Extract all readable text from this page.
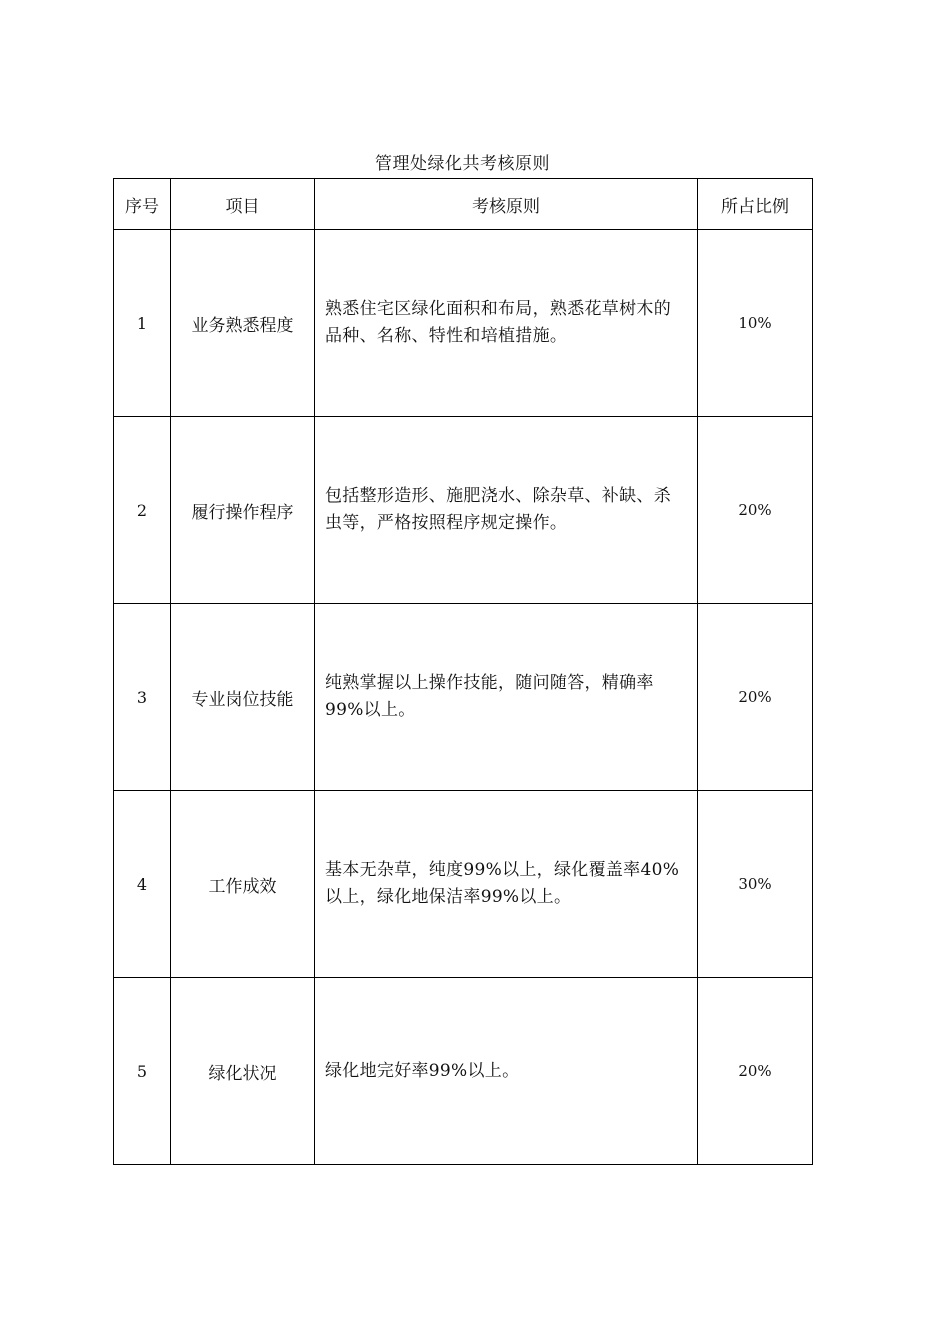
管理处绿化共考核原则
序号	项目	考核原则	所占比例
1	业务熟悉程度	熟悉住宅区绿化面积和布局，熟悉花草树木的品种、名称、特性和培植措施。	10%
2	履行操作程序	包括整形造形、施肥浇水、除杂草、补缺、杀虫等，严格按照程序规定操作。	20%
3	专业岗位技能	纯熟掌握以上操作技能，随问随答，精确率99%以上。	20%
4	工作成效	基本无杂草，纯度99%以上，绿化覆盖率40%以上，绿化地保洁率99%以上。	30%
5	绿化状况	绿化地完好率99%以上。	20%
